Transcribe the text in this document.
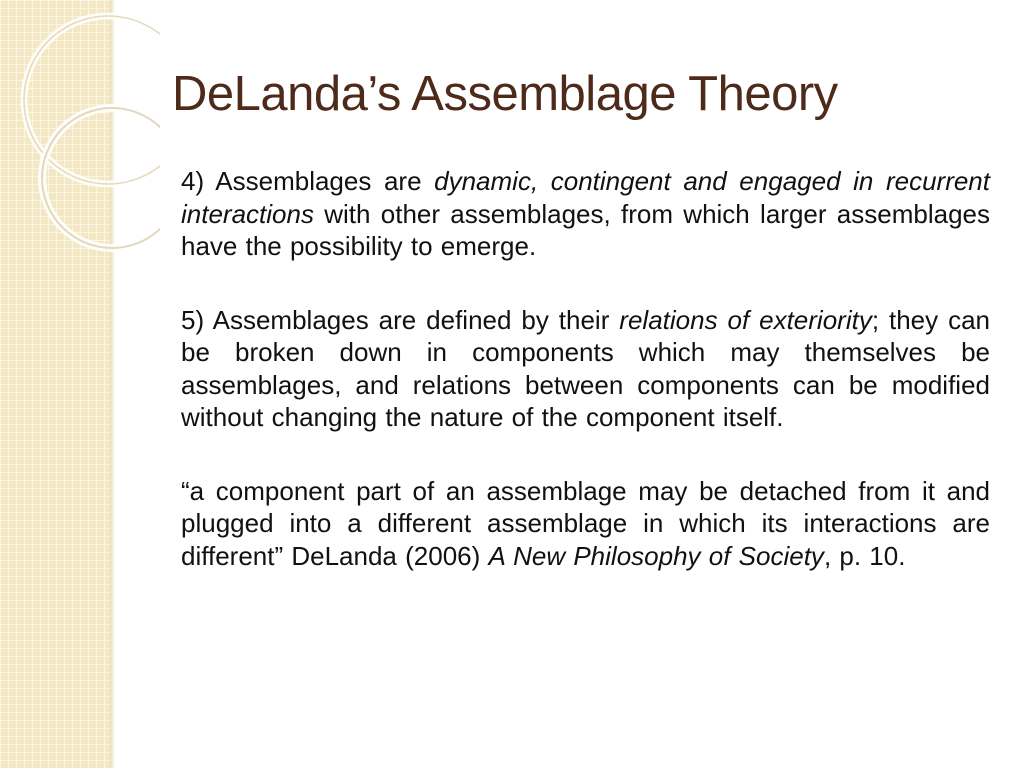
DeLanda’s Assemblage Theory

4) Assemblages are dynamic, contingent and engaged in recurrent interactions with other assemblages, from which larger assemblages have the possibility to emerge.

5) Assemblages are defined by their relations of exteriority; they can be broken down in components which may themselves be assemblages, and relations between components can be modified without changing the nature of the component itself.

“a component part of an assemblage may be detached from it and plugged into a different assemblage in which its interactions are different” DeLanda (2006) A New Philosophy of Society, p. 10.
